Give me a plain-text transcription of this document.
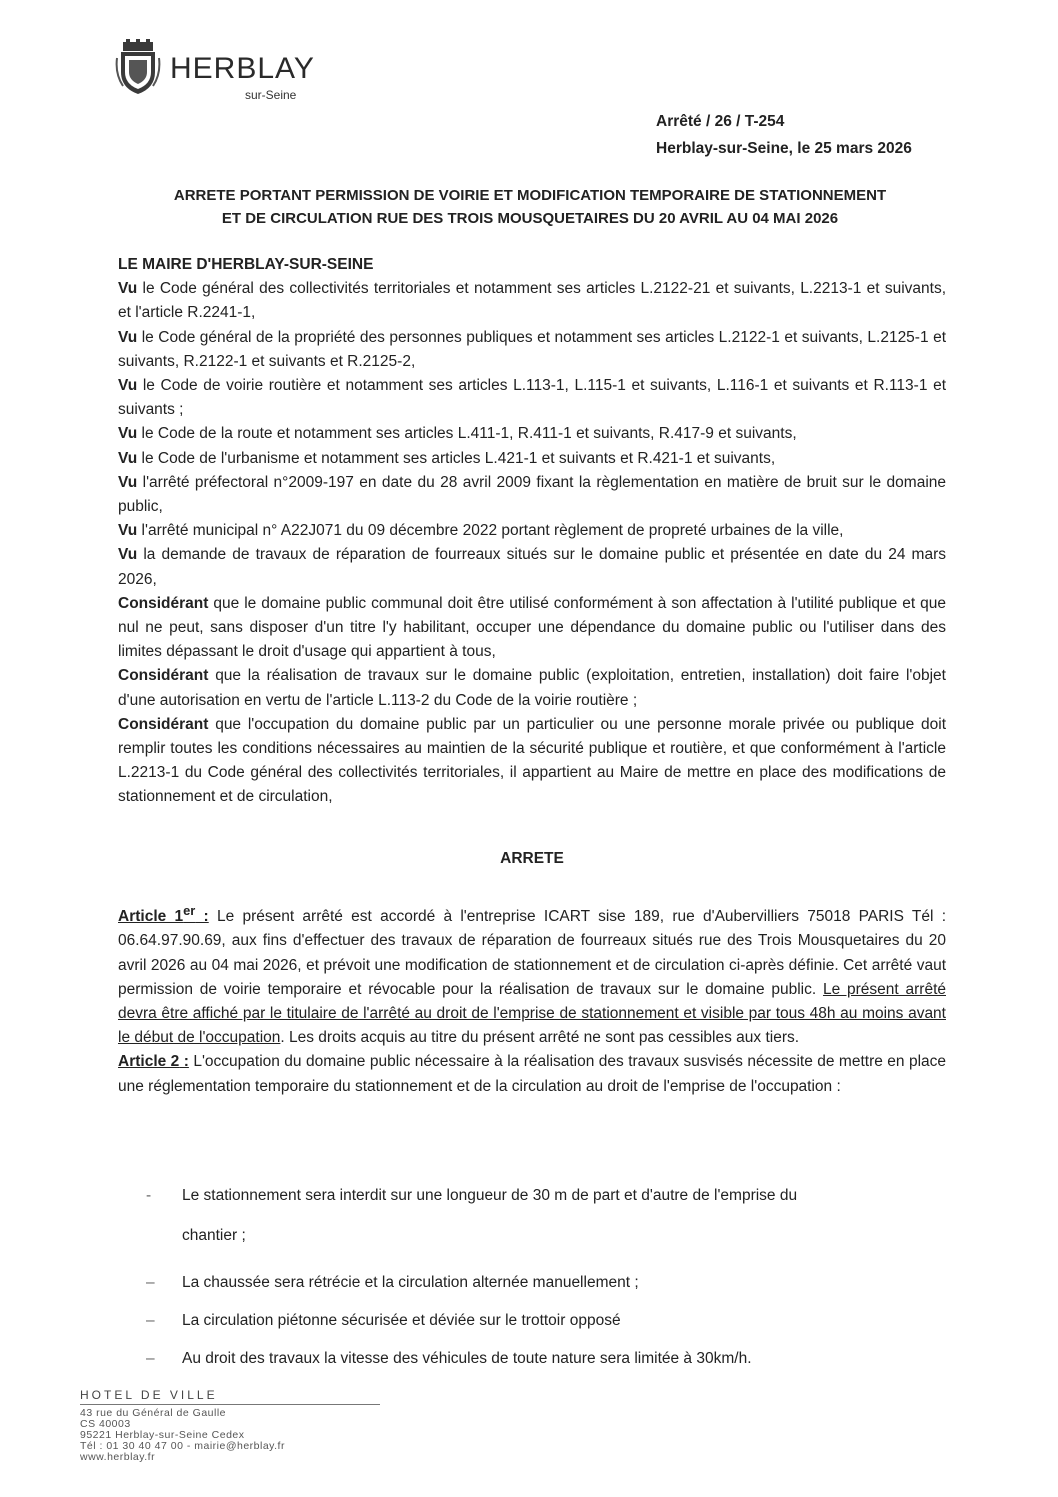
HERBLAY
sur-Seine
Arrêté / 26 / T-254
Herblay-sur-Seine, le 25 mars 2026
ARRETE PORTANT PERMISSION DE VOIRIE ET MODIFICATION TEMPORAIRE DE STATIONNEMENT
ET DE CIRCULATION RUE DES TROIS MOUSQUETAIRES DU 20 AVRIL AU 04 MAI 2026
LE MAIRE D'HERBLAY-SUR-SEINE

Vu le Code général des collectivités territoriales et notamment ses articles L.2122-21 et suivants, L.2213-1 et suivants, et l'article R.2241-1,

Vu le Code général de la propriété des personnes publiques et notamment ses articles L.2122-1 et suivants, L.2125-1 et suivants, R.2122-1 et suivants et R.2125-2,

Vu le Code de voirie routière et notamment ses articles L.113-1, L.115-1 et suivants, L.116-1 et suivants et R.113-1 et suivants ;

Vu le Code de la route et notamment ses articles L.411-1, R.411-1 et suivants, R.417-9 et suivants,

Vu le Code de l'urbanisme et notamment ses articles L.421-1 et suivants et R.421-1 et suivants,

Vu l'arrêté préfectoral n°2009-197 en date du 28 avril 2009 fixant la règlementation en matière de bruit sur le domaine public,

Vu l'arrêté municipal n° A22J071 du 09 décembre 2022 portant règlement de propreté urbaines de la ville,

Vu la demande de travaux de réparation de fourreaux situés sur le domaine public et présentée en date du 24 mars 2026,

Considérant que le domaine public communal doit être utilisé conformément à son affectation à l'utilité publique et que nul ne peut, sans disposer d'un titre l'y habilitant, occuper une dépendance du domaine public ou l'utiliser dans des limites dépassant le droit d'usage qui appartient à tous,

Considérant que la réalisation de travaux sur le domaine public (exploitation, entretien, installation) doit faire l'objet d'une autorisation en vertu de l'article L.113-2 du Code de la voirie routière ;

Considérant que l'occupation du domaine public par un particulier ou une personne morale privée ou publique doit remplir toutes les conditions nécessaires au maintien de la sécurité publique et routière, et que conformément à l'article L.2213-1 du Code général des collectivités territoriales, il appartient au Maire de mettre en place des modifications de stationnement et de circulation,

ARRETE

Article 1er : Le présent arrêté est accordé à l'entreprise ICART sise 189, rue d'Aubervilliers 75018 PARIS Tél : 06.64.97.90.69, aux fins d'effectuer des travaux de réparation de fourreaux situés rue des Trois Mousquetaires du 20 avril 2026 au 04 mai 2026, et prévoit une modification de stationnement et de circulation ci-après définie. Cet arrêté vaut permission de voirie temporaire et révocable pour la réalisation de travaux sur le domaine public. Le présent arrêté devra être affiché par le titulaire de l'arrêté au droit de l'emprise de stationnement et visible par tous 48h au moins avant le début de l'occupation. Les droits acquis au titre du présent arrêté ne sont pas cessibles aux tiers.

Article 2 : L'occupation du domaine public nécessaire à la réalisation des travaux susvisés nécessite de mettre en place une réglementation temporaire du stationnement et de la circulation au droit de l'emprise de l'occupation :

- Le stationnement sera interdit sur une longueur de 30 m de part et d'autre de l'emprise du
chantier ;
– La chaussée sera rétrécie et la circulation alternée manuellement ;
– La circulation piétonne sécurisée et déviée sur le trottoir opposé
– Au droit des travaux la vitesse des véhicules de toute nature sera limitée à 30km/h.
HOTEL DE VILLE
43 rue du Général de Gaulle
CS 40003
95221 Herblay-sur-Seine Cedex
Tél : 01 30 40 47 00 - mairie@herblay.fr
www.herblay.fr
